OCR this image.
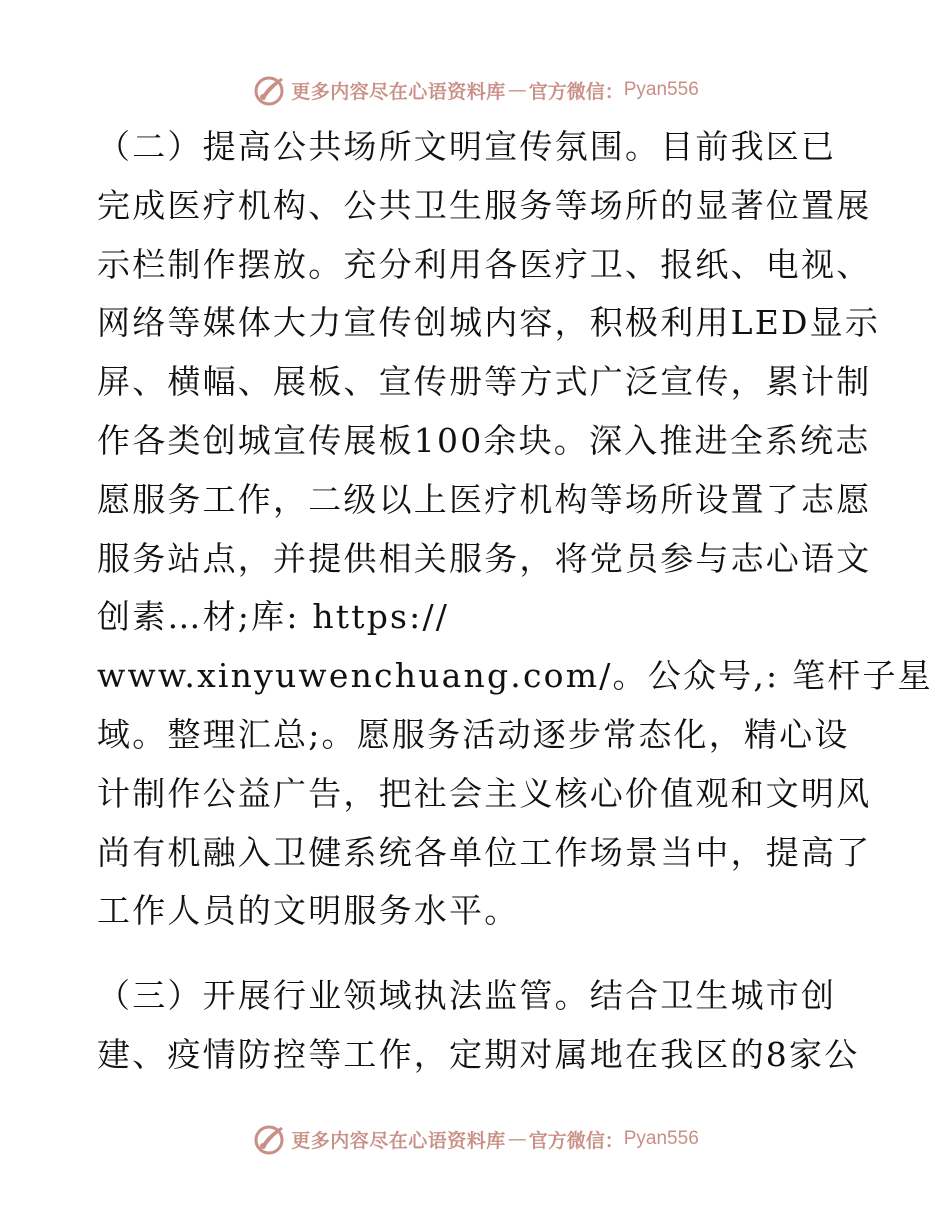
更多内容尽在心语资料库 — 官方微信： Pyan556
（二）提高公共场所文明宣传氛围。目前我区已
完成医疗机构、公共卫生服务等场所的显著位置展
示栏制作摆放。充分利用各医疗卫、报纸、电视、
网络等媒体大力宣传创城内容，积极利用LED显示
屏、横幅、展板、宣传册等方式广泛宣传，累计制
作各类创城宣传展板100余块。深入推进全系统志
愿服务工作，二级以上医疗机构等场所设置了志愿
服务站点，并提供相关服务，将党员参与志心语文
创素…材;库: https://
www.xinyuwenchuang.com/。公众号,: 笔杆子星
域。整理汇总;。愿服务活动逐步常态化，精心设
计制作公益广告，把社会主义核心价值观和文明风
尚有机融入卫健系统各单位工作场景当中，提高了
工作人员的文明服务水平。
（三）开展行业领域执法监管。结合卫生城市创
建、疫情防控等工作，定期对属地在我区的8家公
更多内容尽在心语资料库 — 官方微信： Pyan556
